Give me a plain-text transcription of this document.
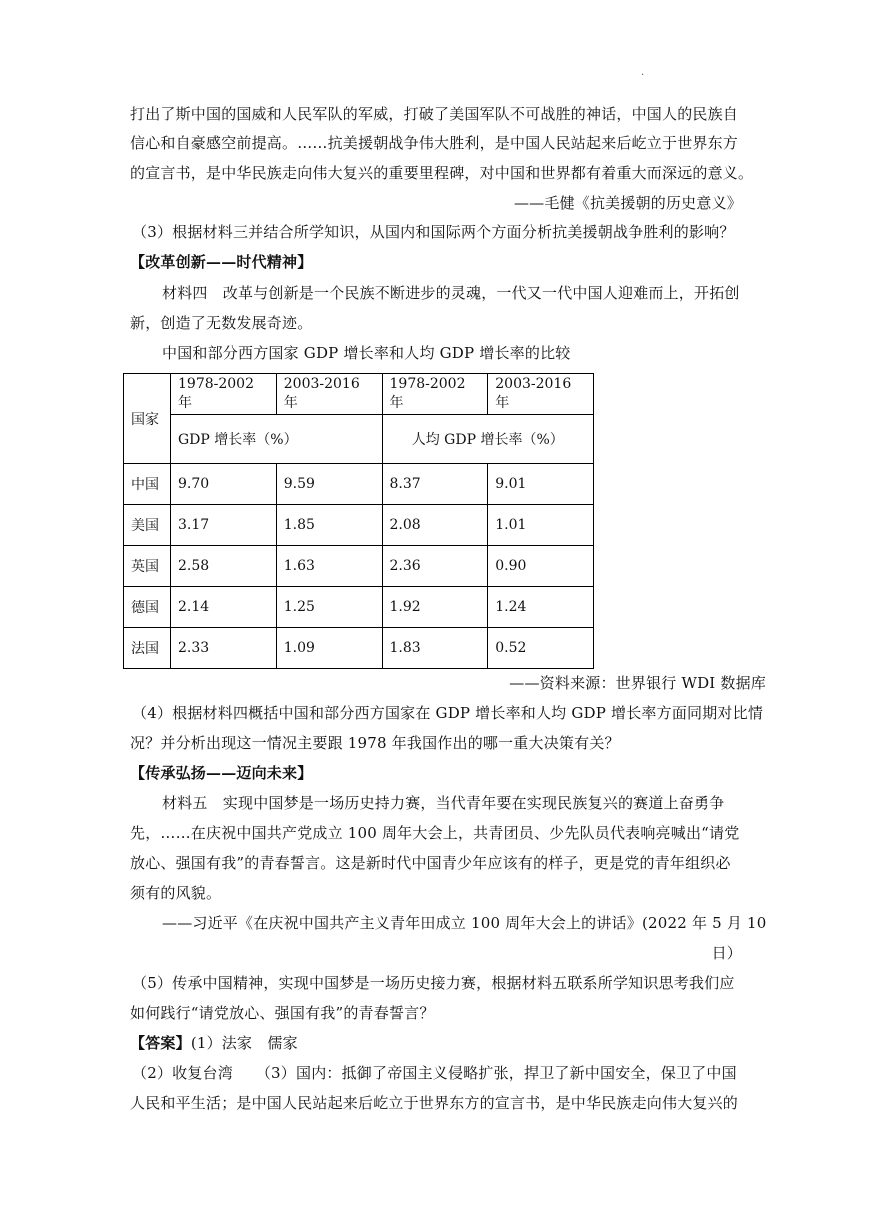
·
打出了斯中国的国威和人民军队的军威，打破了美国军队不可战胜的神话，中国人的民族自
信心和自豪感空前提高。……抗美援朝战争伟大胜利，是中国人民站起来后屹立于世界东方
的宣言书，是中华民族走向伟大复兴的重要里程碑，对中国和世界都有着重大而深远的意义。
——毛健《抗美援朝的历史意义》
（3）根据材料三并结合所学知识，从国内和国际两个方面分析抗美援朝战争胜利的影响？
【改革创新——时代精神】
材料四　改革与创新是一个民族不断进步的灵魂，一代又一代中国人迎难而上，开拓创
新，创造了无数发展奇迹。
中国和部分西方国家 GDP 增长率和人均 GDP 增长率的比较
国家	1978-2002 年	2003-2016 年	1978-2002 年	2003-2016 年
	GDP 增长率（%）		人均 GDP 增长率（%）	
中国	9.70	9.59	8.37	9.01
美国	3.17	1.85	2.08	1.01
英国	2.58	1.63	2.36	0.90
德国	2.14	1.25	1.92	1.24
法国	2.33	1.09	1.83	0.52
——资料来源：世界银行 WDI 数据库
（4）根据材料四概括中国和部分西方国家在 GDP 增长率和人均 GDP 增长率方面同期对比情
况？并分析出现这一情况主要跟 1978 年我国作出的哪一重大决策有关？
【传承弘扬——迈向未来】
材料五　实现中国梦是一场历史持力赛，当代青年要在实现民族复兴的赛道上奋勇争
先，……在庆祝中国共产党成立 100 周年大会上，共青团员、少先队员代表响亮喊出“请党
放心、强国有我”的青春誓言。这是新时代中国青少年应该有的样子，更是党的青年组织必
须有的风貌。
——习近平《在庆祝中国共产主义青年田成立 100 周年大会上的讲话》(2022 年 5 月 10
日）
（5）传承中国精神，实现中国梦是一场历史接力赛，根据材料五联系所学知识思考我们应
如何践行“请党放心、强国有我”的青春誓言？
【答案】(1）法家　儒家
（2）收复台湾　　（3）国内：抵御了帝国主义侵略扩张，捍卫了新中国安全，保卫了中国
人民和平生活；是中国人民站起来后屹立于世界东方的宣言书，是中华民族走向伟大复兴的
